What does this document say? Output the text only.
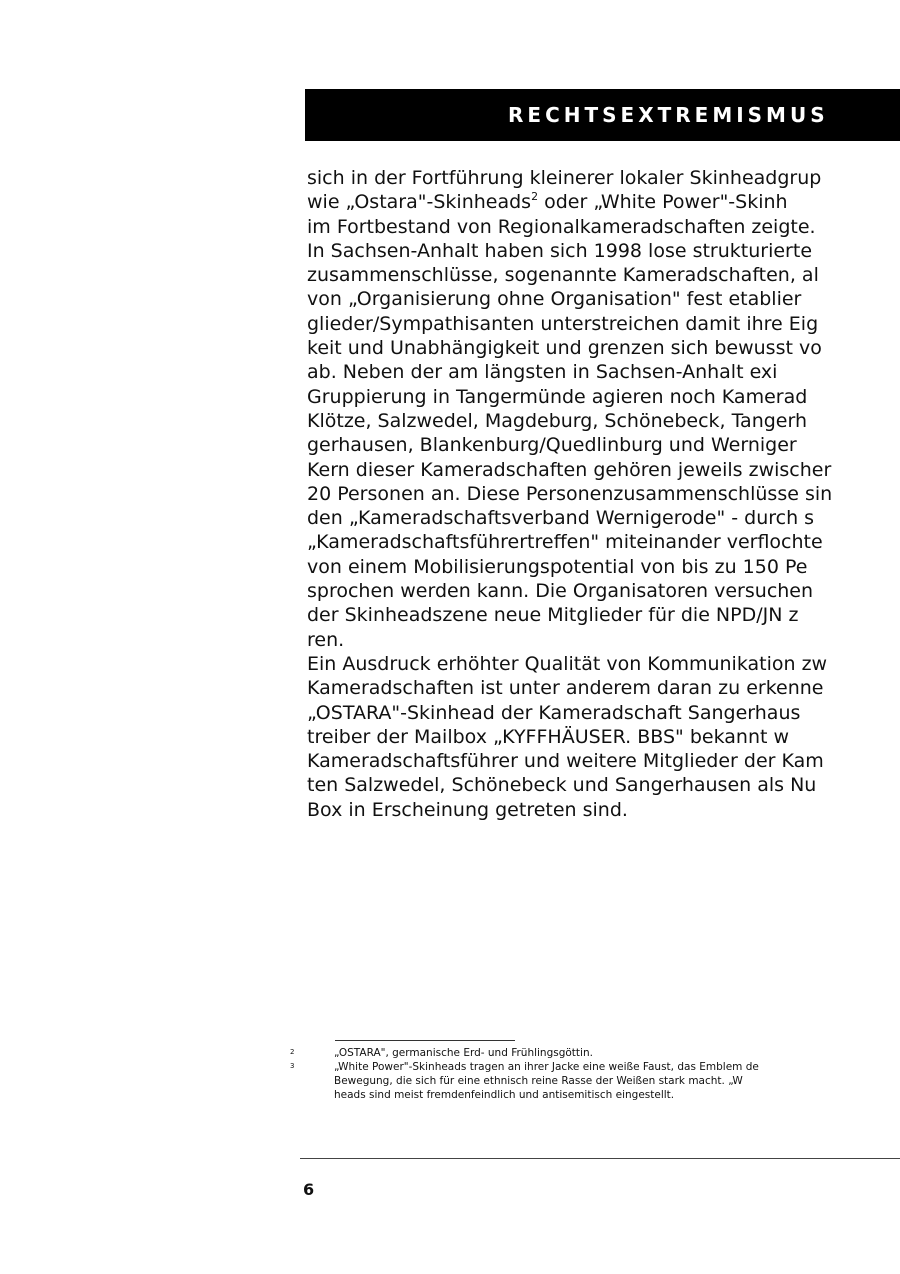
RECHTSEXTREMISMUS
sich in der Fortführung kleinerer lokaler Skinheadgrup
wie „Ostara"-Skinheads$^2$ oder „White Power"-Skinh
im Fortbestand von Regionalkameradschaften zeigte.
In Sachsen-Anhalt haben sich 1998 lose strukturierte
zusammenschlüsse, sogenannte Kameradschaften, al
von „Organisierung ohne Organisation" fest etablier
glieder/Sympathisanten unterstreichen damit ihre Eig
keit und Unabhängigkeit und grenzen sich bewusst vo
ab. Neben der am längsten in Sachsen-Anhalt exi
Gruppierung in Tangermünde agieren noch Kamerad
Klötze, Salzwedel, Magdeburg, Schönebeck, Tangerh
gerhausen, Blankenburg/Quedlinburg und Werniger
Kern dieser Kameradschaften gehören jeweils zwischer
20 Personen an. Diese Personenzusammenschlüsse sin
den „Kameradschaftsverband Wernigerode" - durch s
„Kameradschaftsführertreffen" miteinander verflochte
von einem Mobilisierungspotential von bis zu 150 Pe
sprochen werden kann. Die Organisatoren versuchen
der Skinheadszene neue Mitglieder für die NPD/JN z
ren.
Ein Ausdruck erhöhter Qualität von Kommunikation zw
Kameradschaften ist unter anderem daran zu erkenne
„OSTARA"-Skinhead der Kameradschaft Sangerhaus
treiber der Mailbox „KYFFHÄUSER. BBS" bekannt w
Kameradschaftsführer und weitere Mitglieder der Kam
ten Salzwedel, Schönebeck und Sangerhausen als Nu
Box in Erscheinung getreten sind.
2	„OSTARA", germanische Erd- und Frühlingsgöttin.
3	„White Power"-Skinheads tragen an ihrer Jacke eine weiße Faust, das Emblem de
Bewegung, die sich für eine ethnisch reine Rasse der Weißen stark macht. „W
heads sind meist fremdenfeindlich und antisemitisch eingestellt.
6
